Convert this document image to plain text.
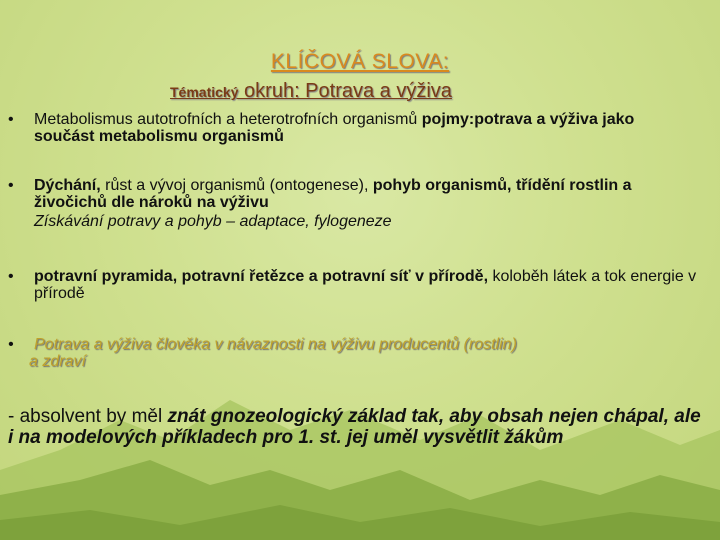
KLÍČOVÁ SLOVA:
Tématický okruh: Potrava a výživa
• Metabolismus autotrofních a heterotrofních organismů pojmy:potrava a výživa jako součást metabolismu organismů
• Dýchání, růst a vývoj organismů (ontogenese), pohyb organismů, třídění rostlin a živočichů dle nároků na výživu
Získávání potravy a pohyb – adaptace, fylogeneze
• potravní pyramida, potravní řetězce a potravní síť v přírodě, koloběh látek a tok energie v přírodě
• Potrava a výživa člověka v návaznosti na výživu producentů (rostlin)
a zdraví
- absolvent by měl znát gnozeologický základ tak, aby obsah nejen chápal, ale i na modelových příkladech pro 1. st. jej uměl vysvětlit žákům
